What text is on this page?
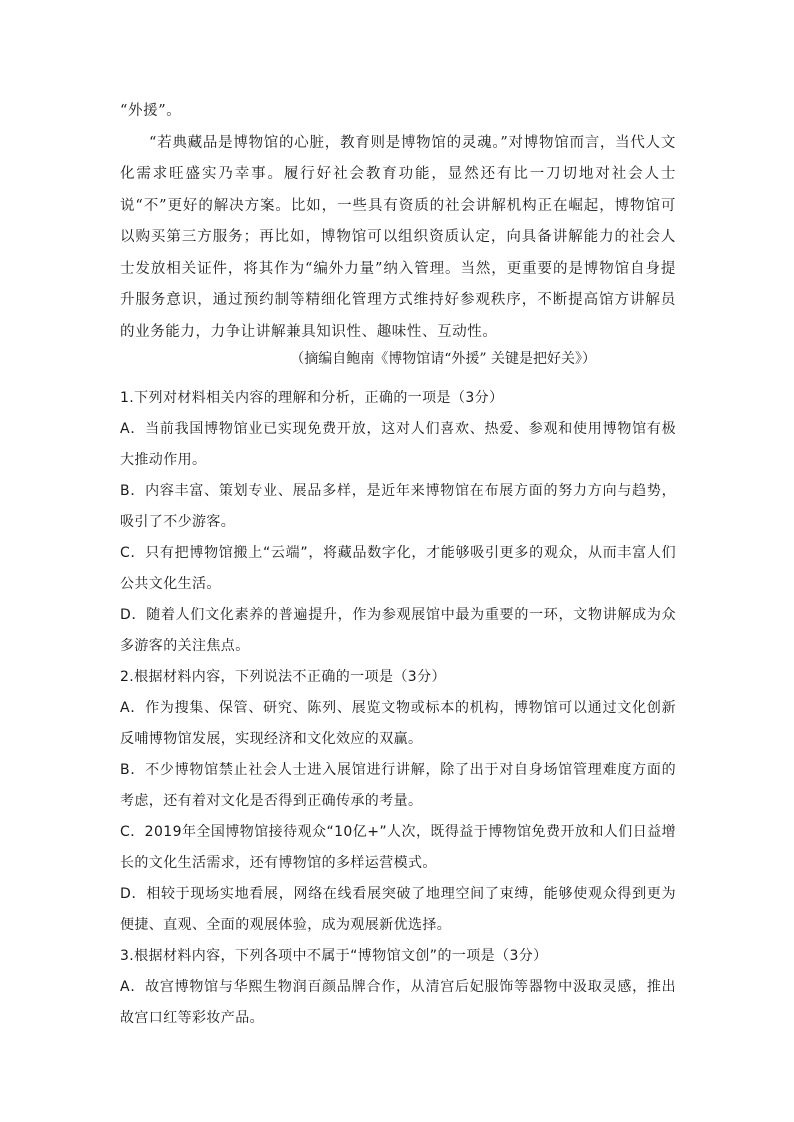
“外援”。

“若典藏品是博物馆的心脏，教育则是博物馆的灵魂。”对博物馆而言，当代人文化需求旺盛实乃幸事。履行好社会教育功能，显然还有比一刀切地对社会人士说“不”更好的解决方案。比如，一些具有资质的社会讲解机构正在崛起，博物馆可以购买第三方服务；再比如，博物馆可以组织资质认定，向具备讲解能力的社会人士发放相关证件，将其作为“编外力量”纳入管理。当然，更重要的是博物馆自身提升服务意识，通过预约制等精细化管理方式维持好参观秩序，不断提高馆方讲解员的业务能力，力争让讲解兼具知识性、趣味性、互动性。

（摘编自鲍南《博物馆请“外援” 关键是把好关》）

1.下列对材料相关内容的理解和分析，正确的一项是（3分）

A．当前我国博物馆业已实现免费开放，这对人们喜欢、热爱、参观和使用博物馆有极大推动作用。

B．内容丰富、策划专业、展品多样，是近年来博物馆在布展方面的努力方向与趋势，吸引了不少游客。

C．只有把博物馆搬上“云端”，将藏品数字化，才能够吸引更多的观众，从而丰富人们公共文化生活。

D．随着人们文化素养的普遍提升，作为参观展馆中最为重要的一环，文物讲解成为众多游客的关注焦点。

2.根据材料内容，下列说法不正确的一项是（3分）

A．作为搜集、保管、研究、陈列、展览文物或标本的机构，博物馆可以通过文化创新反哺博物馆发展，实现经济和文化效应的双赢。

B．不少博物馆禁止社会人士进入展馆进行讲解，除了出于对自身场馆管理难度方面的考虑，还有着对文化是否得到正确传承的考量。

C．2019年全国博物馆接待观众“10亿+”人次，既得益于博物馆免费开放和人们日益增长的文化生活需求，还有博物馆的多样运营模式。

D．相较于现场实地看展，网络在线看展突破了地理空间了束缚，能够使观众得到更为便捷、直观、全面的观展体验，成为观展新优选择。

3.根据材料内容，下列各项中不属于“博物馆文创”的一项是（3分）

A．故宫博物馆与华熙生物润百颜品牌合作，从清宫后妃服饰等器物中汲取灵感，推出故宫口红等彩妆产品。
